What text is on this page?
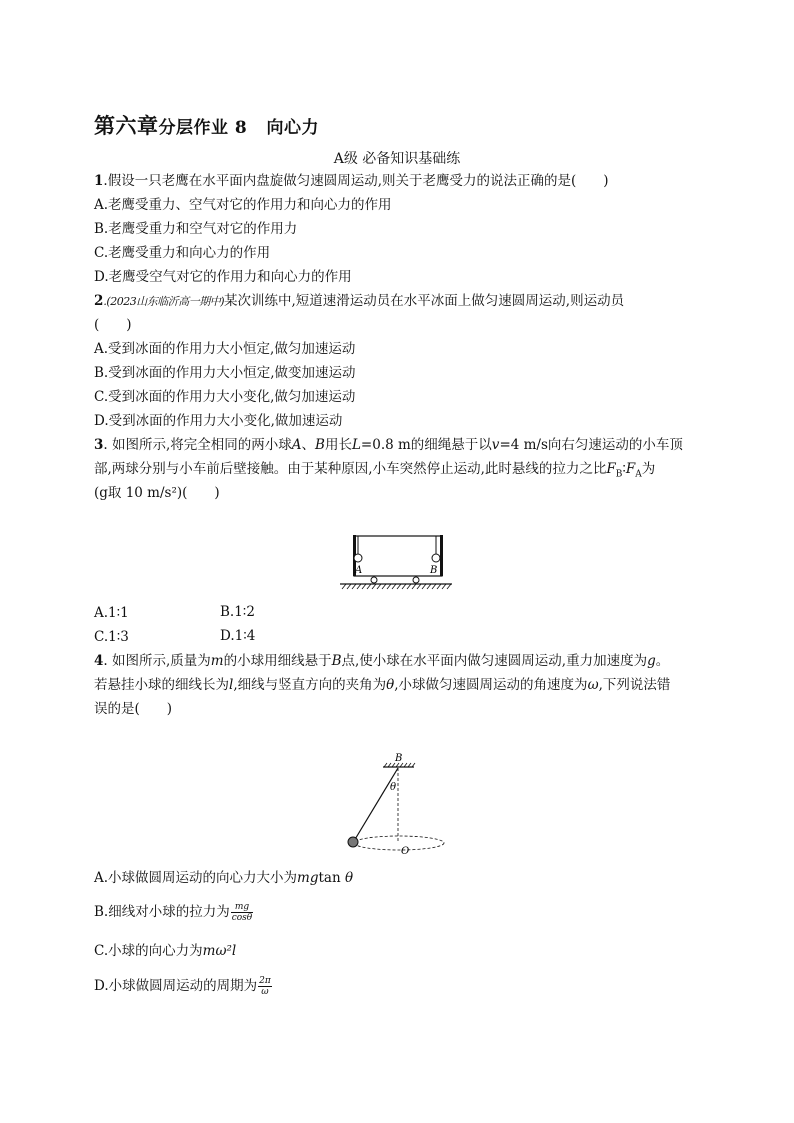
第六章分层作业 8 向心力
A级 必备知识基础练
1.假设一只老鹰在水平面内盘旋做匀速圆周运动,则关于老鹰受力的说法正确的是(　　)
A.老鹰受重力、空气对它的作用力和向心力的作用
B.老鹰受重力和空气对它的作用力
C.老鹰受重力和向心力的作用
D.老鹰受空气对它的作用力和向心力的作用
2.(2023山东临沂高一期中)某次训练中,短道速滑运动员在水平冰面上做匀速圆周运动,则运动员
(　　)
A.受到冰面的作用力大小恒定,做匀加速运动
B.受到冰面的作用力大小恒定,做变加速运动
C.受到冰面的作用力大小变化,做匀加速运动
D.受到冰面的作用力大小变化,做加速运动
3. 如图所示,将完全相同的两小球A、B用长L=0.8 m的细绳悬于以v=4 m/s向右匀速运动的小车顶
部,两球分别与小车前后壁接触。由于某种原因,小车突然停止运动,此时悬线的拉力之比$F_B∶F_A$为
(g取 10 m/s²)(　　)
A	B
A.1∶1	B.1∶2
C.1∶3	D.1∶4
4. 如图所示,质量为m的小球用细线悬于B点,使小球在水平面内做匀速圆周运动,重力加速度为g。
若悬挂小球的细线长为l,细线与竖直方向的夹角为θ,小球做匀速圆周运动的角速度为ω,下列说法错
误的是(　　)
B
θ
O
A.小球做圆周运动的向心力大小为mgtan θ
B.细线对小球的拉力为 $\frac{mg}{\cos\theta}$
C.小球的向心力为mω²l
D.小球做圆周运动的周期为 $\frac{2\pi}{\omega}$
